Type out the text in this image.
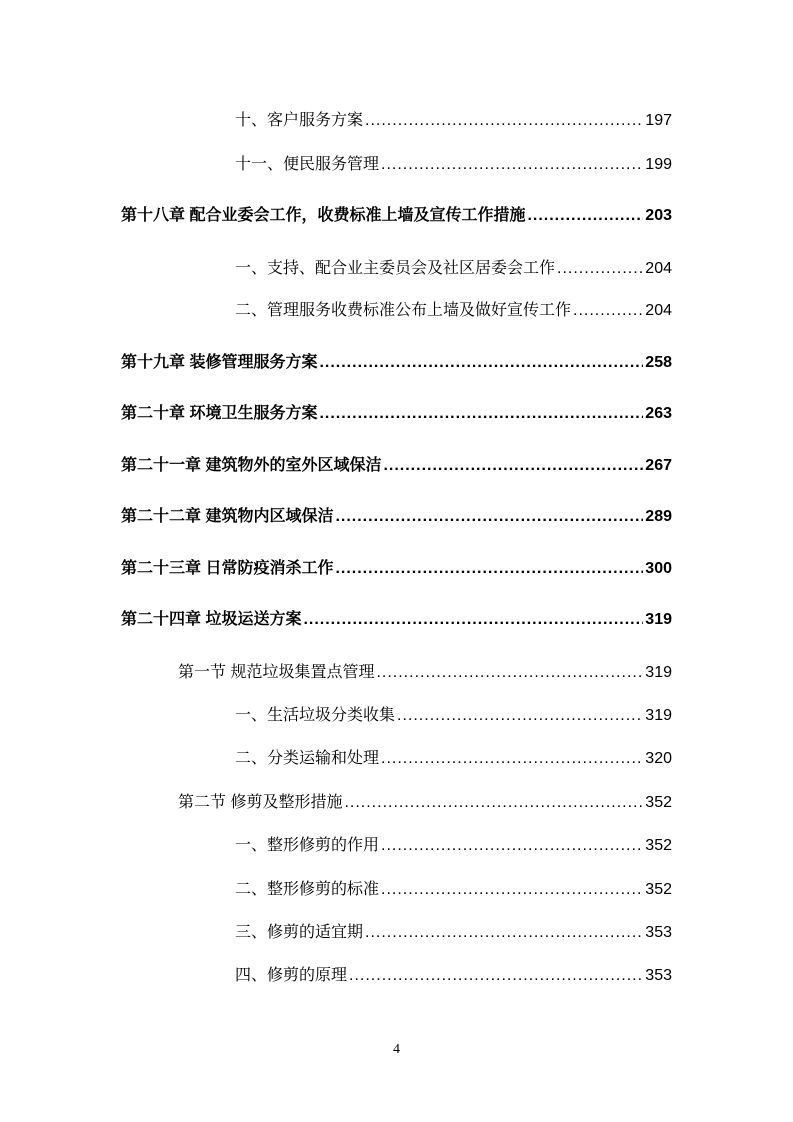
十、客户服务方案 .....	197
十一、便民服务管理 .....	199
第十八章 配合业委会工作，收费标准上墙及宣传工作措施 .....	203
一、支持、配合业主委员会及社区居委会工作 .....	204
二、管理服务收费标准公布上墙及做好宣传工作 .....	204
第十九章 装修管理服务方案 .....	258
第二十章 环境卫生服务方案 .....	263
第二十一章 建筑物外的室外区域保洁 .....	267
第二十二章 建筑物内区域保洁 .....	289
第二十三章 日常防疫消杀工作 .....	300
第二十四章 垃圾运送方案 .....	319
第一节 规范垃圾集置点管理 .....	319
一、生活垃圾分类收集 .....	319
二、分类运输和处理 .....	320
第二节 修剪及整形措施 .....	352
一、整形修剪的作用 .....	352
二、整形修剪的标准 .....	352
三、修剪的适宜期 .....	353
四、修剪的原理 .....	353
4
